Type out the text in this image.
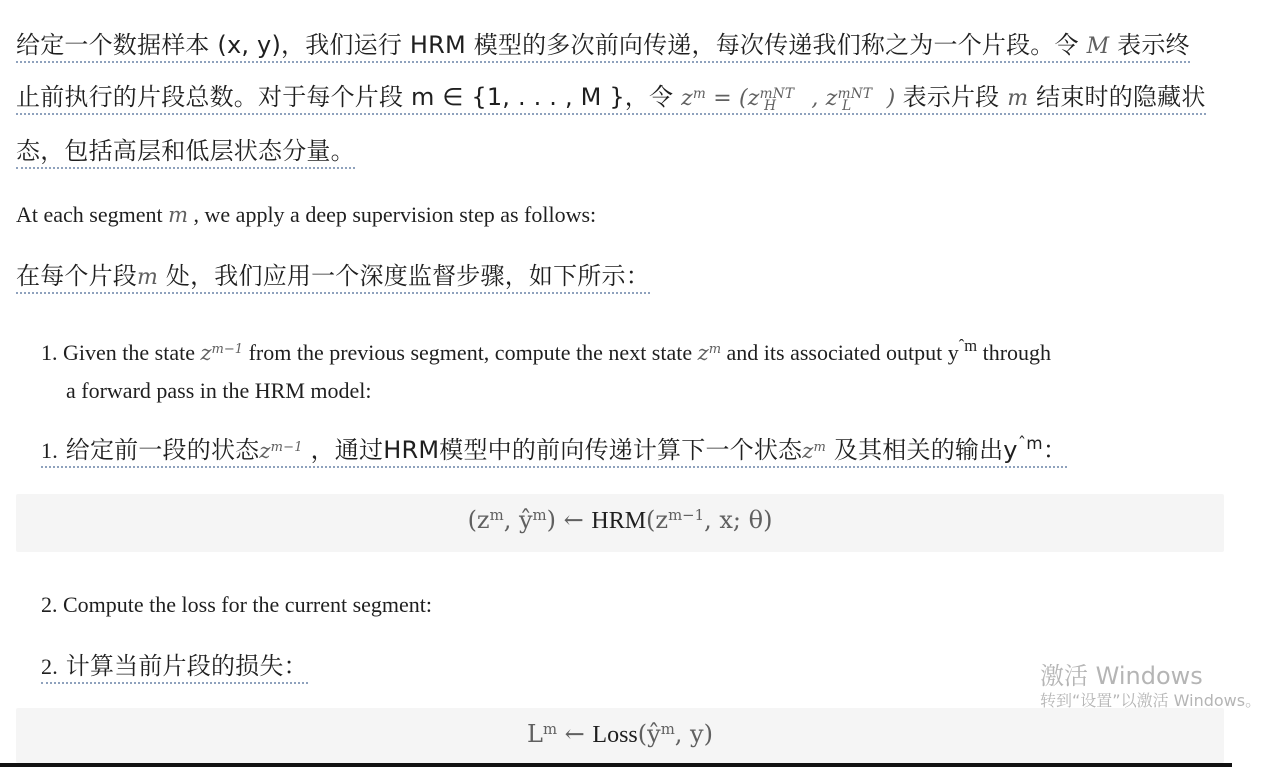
给定一个数据样本 (x, y)，我们运行 HRM 模型的多次前向传递，每次传递我们称之为一个片段。令 M 表示终
止前执行的片段总数。对于每个片段 m ∈ {1, . . . , M }，令 $z^m = (z^{mNT}_H$ , $z^{mNT}_L$ ) 表示片段 m 结束时的隐藏状
态，包括高层和低层状态分量。
At each segment m , we apply a deep supervision step as follows:
在每个片段m 处，我们应用一个深度监督步骤，如下所示：
1. Given the state $z^{m-1}$ from the previous segment, compute the next state $z^m$ and its associated output $y^{ˆm}$ through
a forward pass in the HRM model:
1. 给定前一段的状态$z^{m-1}$ ，通过HRM模型中的前向传递计算下一个状态$z^m$ 及其相关的输出$y^{ˆm}$：
($z^m$, $ŷ^m$) ← $HRM(z^{m-1}$, x; θ)
2. Compute the loss for the current segment:
2. 计算当前片段的损失：
$L^m$ ← $Loss(ŷ^m$, y)
激活 Windows
转到“设置”以激活 Windows。
